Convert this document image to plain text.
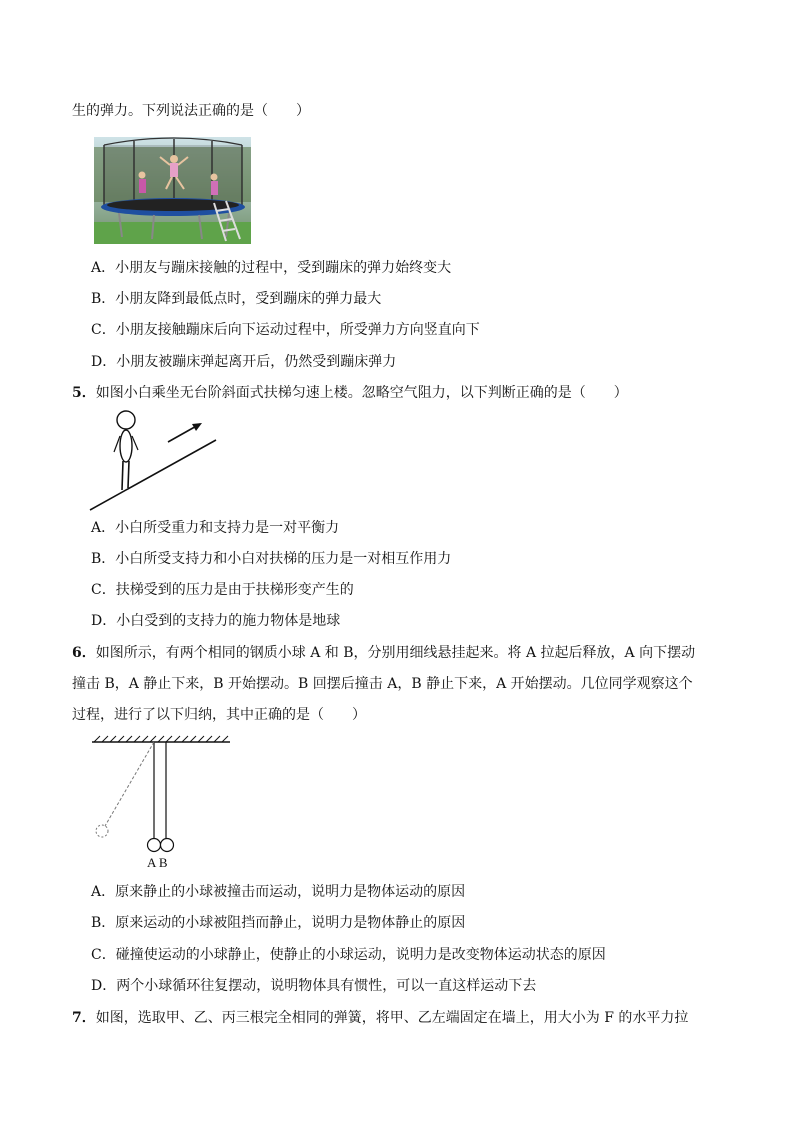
生的弹力。下列说法正确的是（　　）
A．小朋友与蹦床接触的过程中，受到蹦床的弹力始终变大
B．小朋友降到最低点时，受到蹦床的弹力最大
C．小朋友接触蹦床后向下运动过程中，所受弹力方向竖直向下
D．小朋友被蹦床弹起离开后，仍然受到蹦床弹力
5．如图小白乘坐无台阶斜面式扶梯匀速上楼。忽略空气阻力，以下判断正确的是（　　）
A．小白所受重力和支持力是一对平衡力
B．小白所受支持力和小白对扶梯的压力是一对相互作用力
C．扶梯受到的压力是由于扶梯形变产生的
D．小白受到的支持力的施力物体是地球
6．如图所示，有两个相同的钢质小球 A 和 B，分别用细线悬挂起来。将 A 拉起后释放，A 向下摆动
撞击 B，A 静止下来，B 开始摆动。B 回摆后撞击 A，B 静止下来，A 开始摆动。几位同学观察这个
过程，进行了以下归纳，其中正确的是（　　）
A B
A．原来静止的小球被撞击而运动，说明力是物体运动的原因
B．原来运动的小球被阻挡而静止，说明力是物体静止的原因
C．碰撞使运动的小球静止，使静止的小球运动，说明力是改变物体运动状态的原因
D．两个小球循环往复摆动，说明物体具有惯性，可以一直这样运动下去
7．如图，选取甲、乙、丙三根完全相同的弹簧，将甲、乙左端固定在墙上，用大小为 F 的水平力拉
